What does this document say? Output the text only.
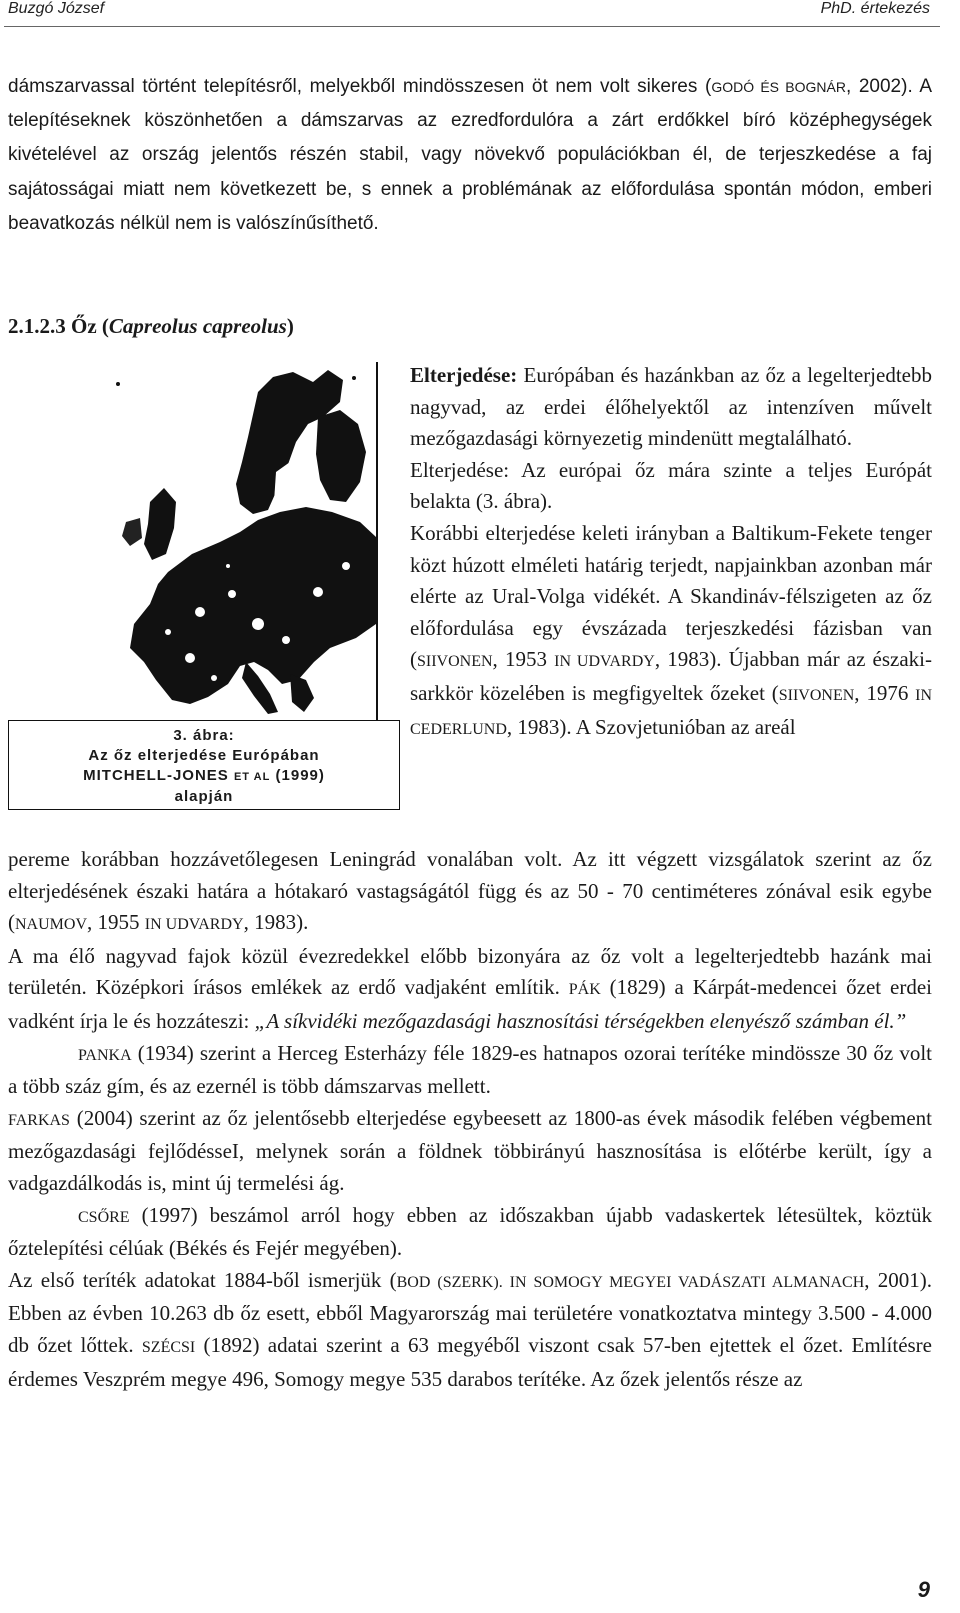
Buzgó József	PhD. értekezés
dámszarvassal történt telepítésről, melyekből mindösszesen öt nem volt sikeres (GODÓ ÉS BOGNÁR, 2002). A telepítéseknek köszönhetően a dámszarvas az ezredfordulóra a zárt erdőkkel bíró középhegységek kivételével az ország jelentős részén stabil, vagy növekvő populációkban él, de terjeszkedése a faj sajátosságai miatt nem következett be, s ennek a problémának az előfordulása spontán módon, emberi beavatkozás nélkül nem is valószínűsíthető.
2.1.2.3 Őz (Capreolus capreolus)
3. ábra:
Az őz elterjedése Európában
MITCHELL-JONES ET AL (1999)
alapján

Elterjedése: Európában és hazánkban az őz a legelterjedtebb nagyvad, az erdei élőhelyektől az intenzíven művelt mezőgazdasági környezetig mindenütt megtalálható.

Elterjedése: Az európai őz mára szinte a teljes Európát belakta (3. ábra).

Korábbi elterjedése keleti irányban a Baltikum-Fekete tenger közt húzott elméleti határig terjedt, napjainkban azonban már elérte az Ural-Volga vidékét. A Skandináv-félszigeten az őz előfordulása egy évszázada terjeszkedési fázisban van (SIIVONEN, 1953 IN UDVARDY, 1983). Újabban már az északi-sarkkör közelében is megfigyeltek őzeket (SIIVONEN, 1976 IN CEDERLUND, 1983). A Szovjetunióban az areál

pereme korábban hozzávetőlegesen Leningrád vonalában volt. Az itt végzett vizsgálatok szerint az őz elterjedésének északi határa a hótakaró vastagságától függ és az 50 - 70 centiméteres zónával esik egybe (NAUMOV, 1955 IN UDVARDY, 1983).

A ma élő nagyvad fajok közül évezredekkel előbb bizonyára az őz volt a legelterjedtebb hazánk mai területén. Középkori írásos emlékek az erdő vadjaként említik. PÁK (1829) a Kárpát-medencei őzet erdei vadként írja le és hozzáteszi: „A síkvidéki mezőgazdasági hasznosítási térségekben elenyésző számban él.”

PANKA (1934) szerint a Herceg Esterházy féle 1829-es hatnapos ozorai terítéke mindössze 30 őz volt a több száz gím, és az ezernél is több dámszarvas mellett.

FARKAS (2004) szerint az őz jelentősebb elterjedése egybeesett az 1800-as évek második felében végbement mezőgazdasági fejlődésseI, melynek során a földnek többirányú hasznosítása is előtérbe került, így a vadgazdálkodás is, mint új termelési ág.

CSŐRE (1997) beszámol arról hogy ebben az időszakban újabb vadaskertek létesültek, köztük őztelepítési célúak (Békés és Fejér megyében).

Az első teríték adatokat 1884-ből ismerjük (BOD (SZERK). IN SOMOGY MEGYEI VADÁSZATI ALMANACH, 2001). Ebben az évben 10.263 db őz esett, ebből Magyarország mai területére vonatkoztatva mintegy 3.500 - 4.000 db őzet lőttek. SZÉCSI (1892) adatai szerint a 63 megyéből viszont csak 57-ben ejtettek el őzet. Említésre érdemes Veszprém megye 496, Somogy megye 535 darabos terítéke. Az őzek jelentős része az

9
